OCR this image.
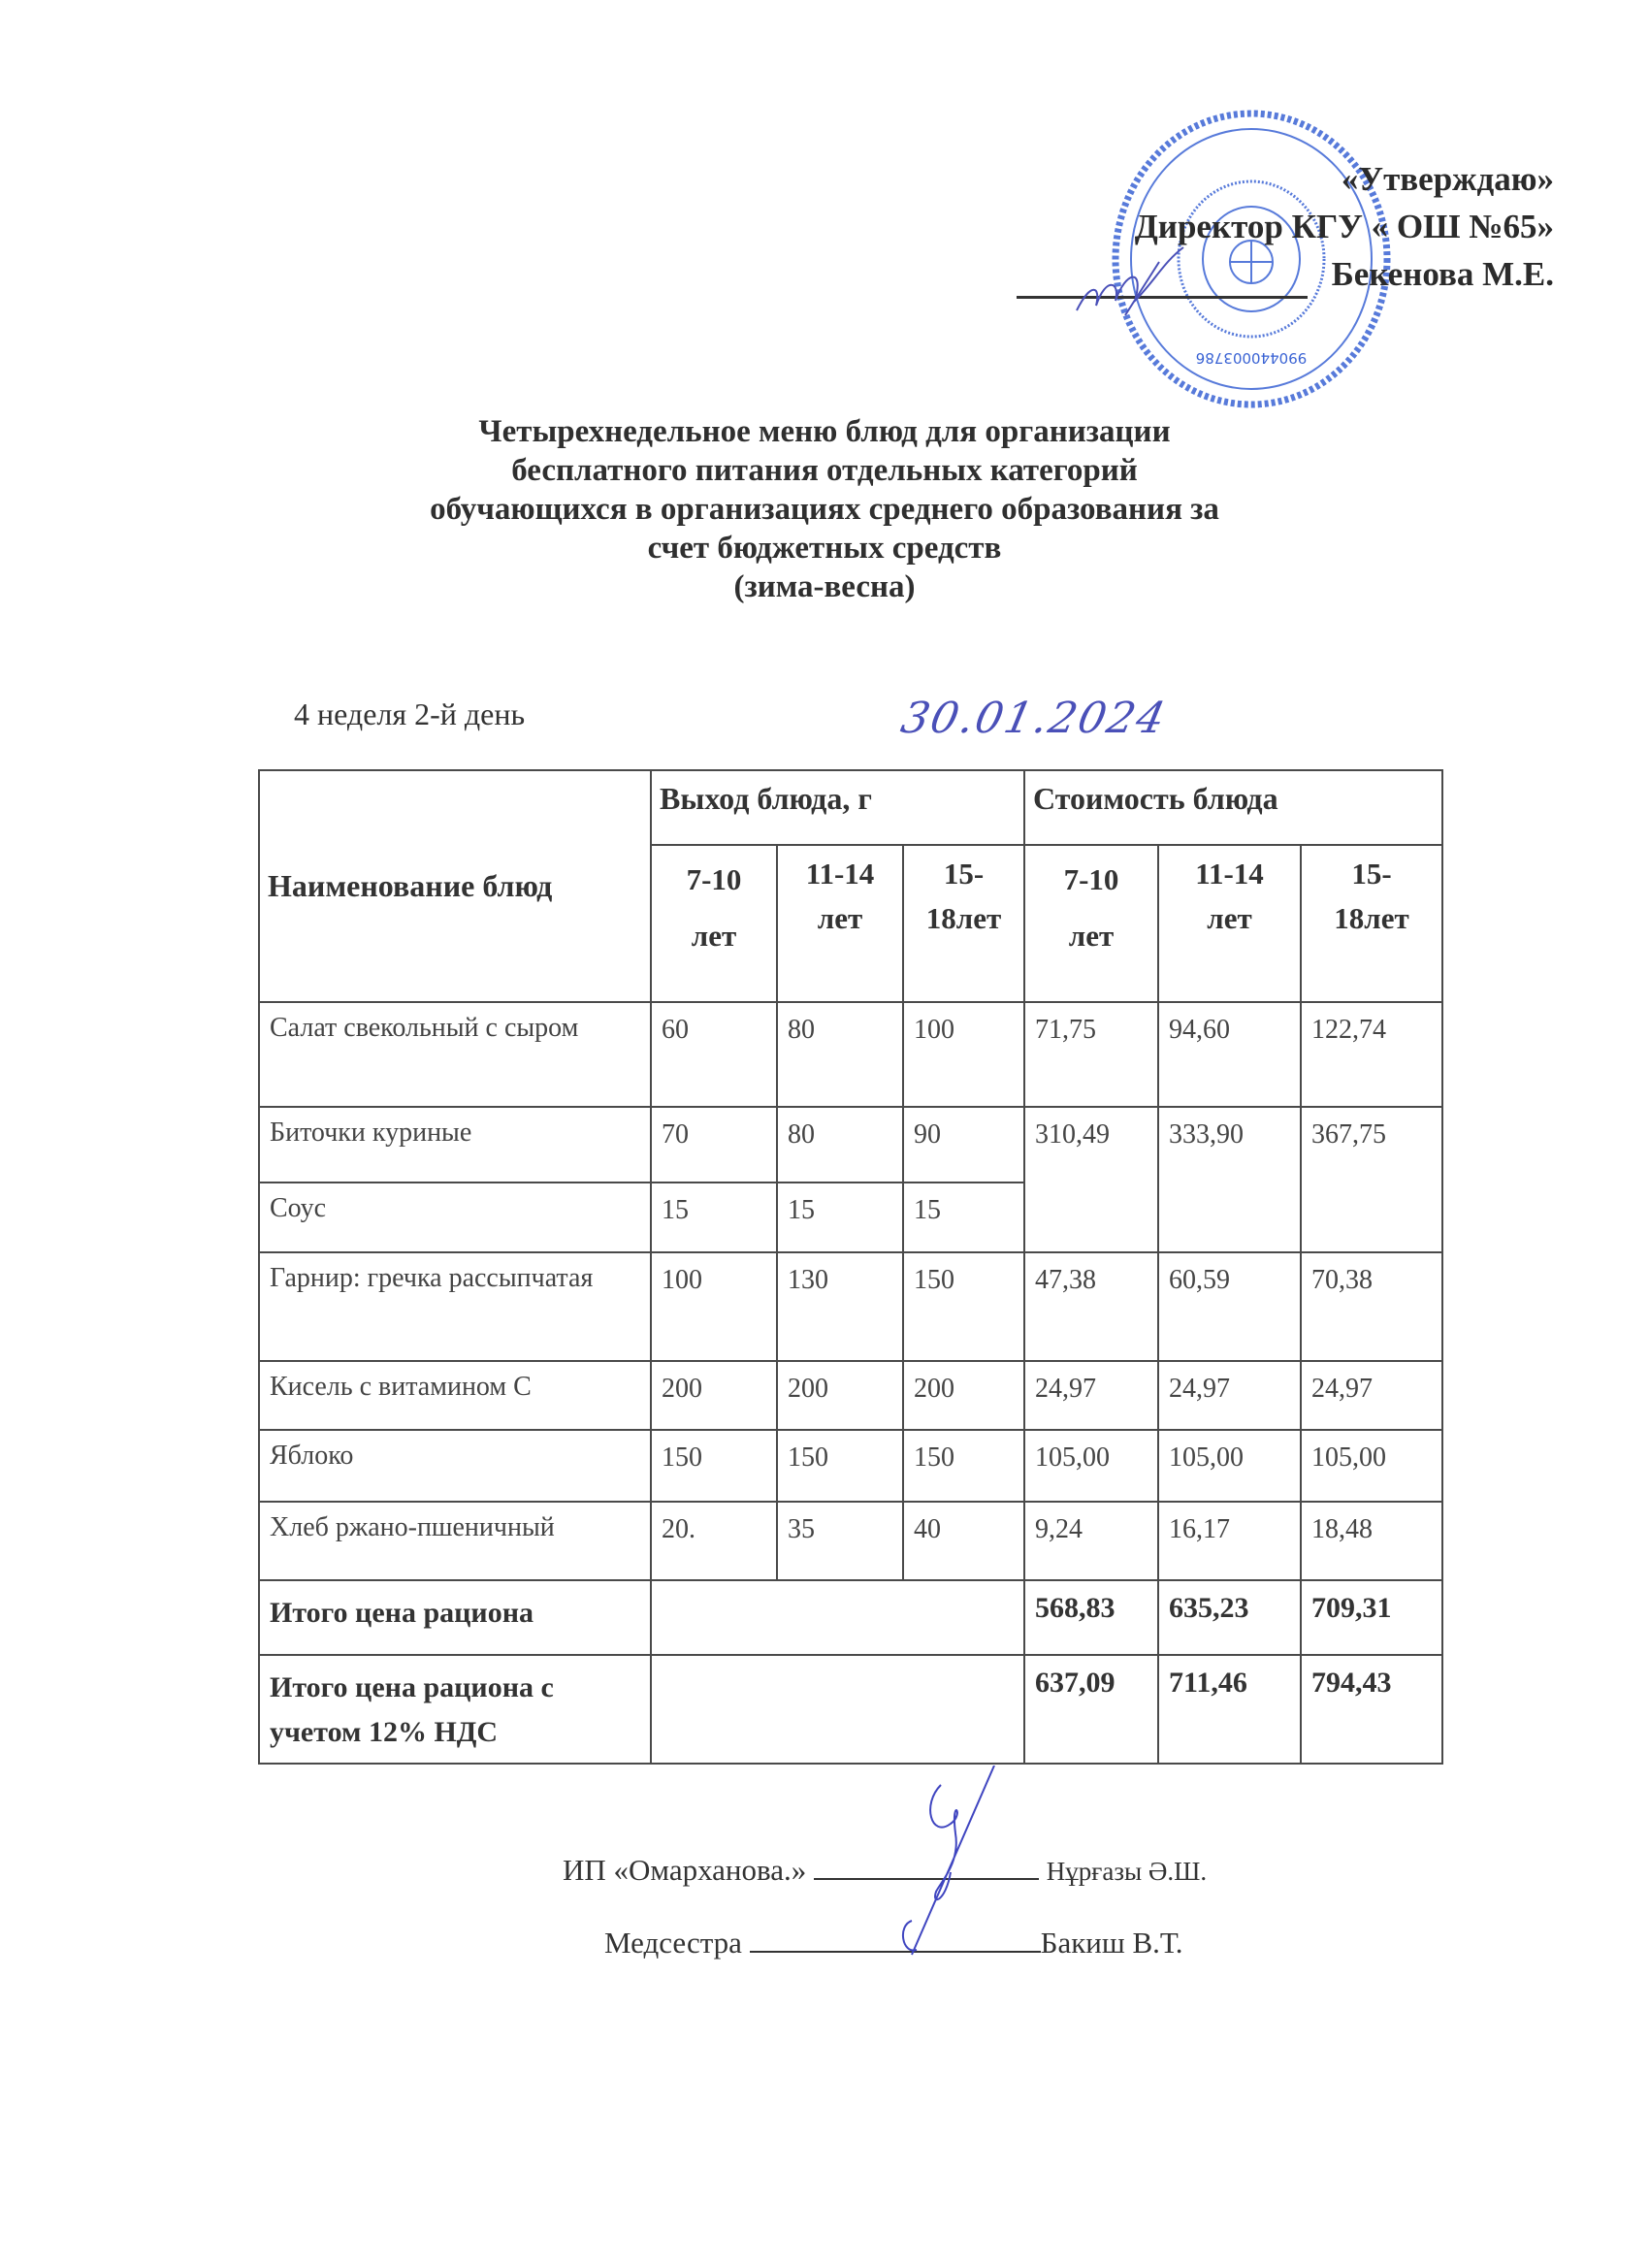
990440003786
«Утверждаю»
Директор КГУ « ОШ №65»
Бекенова М.Е.
Четырехнедельное меню блюд для организации
бесплатного питания отдельных категорий
обучающихся в организациях среднего образования за
счет бюджетных средств
(зима-весна)
4 неделя 2-й день	30.01.2024
Наименование блюд	Выход блюда, г			Стоимость блюда		

7-10
лет

11-14
лет

15-
18лет

7-10
лет

11-14
лет

15-
18лет

Салат свекольный с сыром	60	80	100	71,75	94,60	122,74
Биточки куриные	70	80	90	310,49	333,90	367,75
Соус	15	15	15			
Гарнир: гречка рассыпчатая	100	130	150	47,38	60,59	70,38
Кисель с витамином С	200	200	200	24,97	24,97	24,97
Яблоко	150	150	150	105,00	105,00	105,00
Хлеб ржано-пшеничный	20.	35	40	9,24	16,17	18,48
Итого цена рациона				568,83	635,23	709,31
Итого цена рациона с учетом 12% НДС				637,09	711,46	794,43
ИП «Омарханова.»	Нұрғазы Ә.Ш.
Медсестра	Бакиш В.Т.
